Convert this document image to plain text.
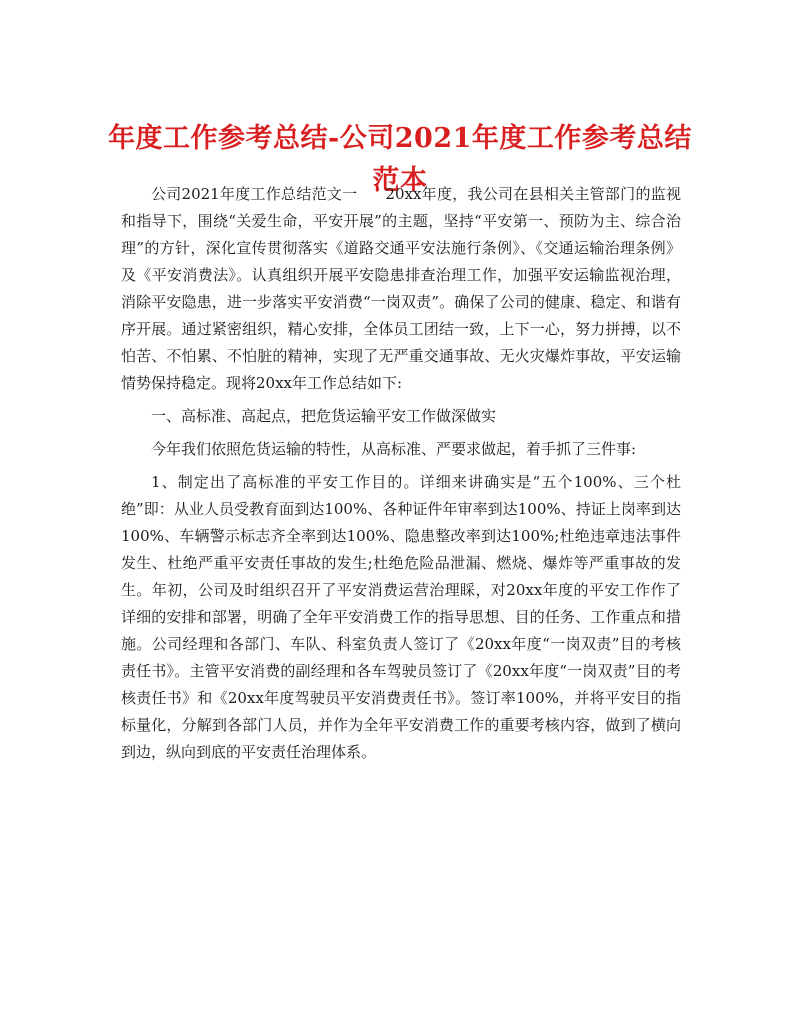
年度工作参考总结-公司2021年度工作参考总结范本

公司2021年度工作总结范文一 20xx年度，我公司在县相关主管部门的监视和指导下，围绕“关爱生命，平安开展”的主题，坚持“平安第一、预防为主、综合治理”的方针，深化宣传贯彻落实《道路交通平安法施行条例》、《交通运输治理条例》及《平安消费法》。认真组织开展平安隐患排查治理工作，加强平安运输监视治理，消除平安隐患，进一步落实平安消费“一岗双责”。确保了公司的健康、稳定、和谐有序开展。通过紧密组织，精心安排，全体员工团结一致，上下一心，努力拼搏，以不怕苦、不怕累、不怕脏的精神，实现了无严重交通事故、无火灾爆炸事故，平安运输情势保持稳定。现将20xx年工作总结如下:

一、高标准、高起点，把危货运输平安工作做深做实

今年我们依照危货运输的特性，从高标准、严要求做起，着手抓了三件事:

1、制定出了高标准的平安工作目的。详细来讲确实是“五个100%、三个杜绝”即：从业人员受教育面到达100%、各种证件年审率到达100%、持证上岗率到达100%、车辆警示标志齐全率到达100%、隐患整改率到达100%;杜绝违章违法事件发生、杜绝严重平安责任事故的发生;杜绝危险品泄漏、燃烧、爆炸等严重事故的发生。年初，公司及时组织召开了平安消费运营治理睬，对20xx年度的平安工作作了详细的安排和部署，明确了全年平安消费工作的指导思想、目的任务、工作重点和措施。公司经理和各部门、车队、科室负责人签订了《20xx年度“一岗双责”目的考核责任书》。主管平安消费的副经理和各车驾驶员签订了《20xx年度“一岗双责”目的考核责任书》和《20xx年度驾驶员平安消费责任书》。签订率100%，并将平安目的指标量化，分解到各部门人员，并作为全年平安消费工作的重要考核内容，做到了横向到边，纵向到底的平安责任治理体系。
